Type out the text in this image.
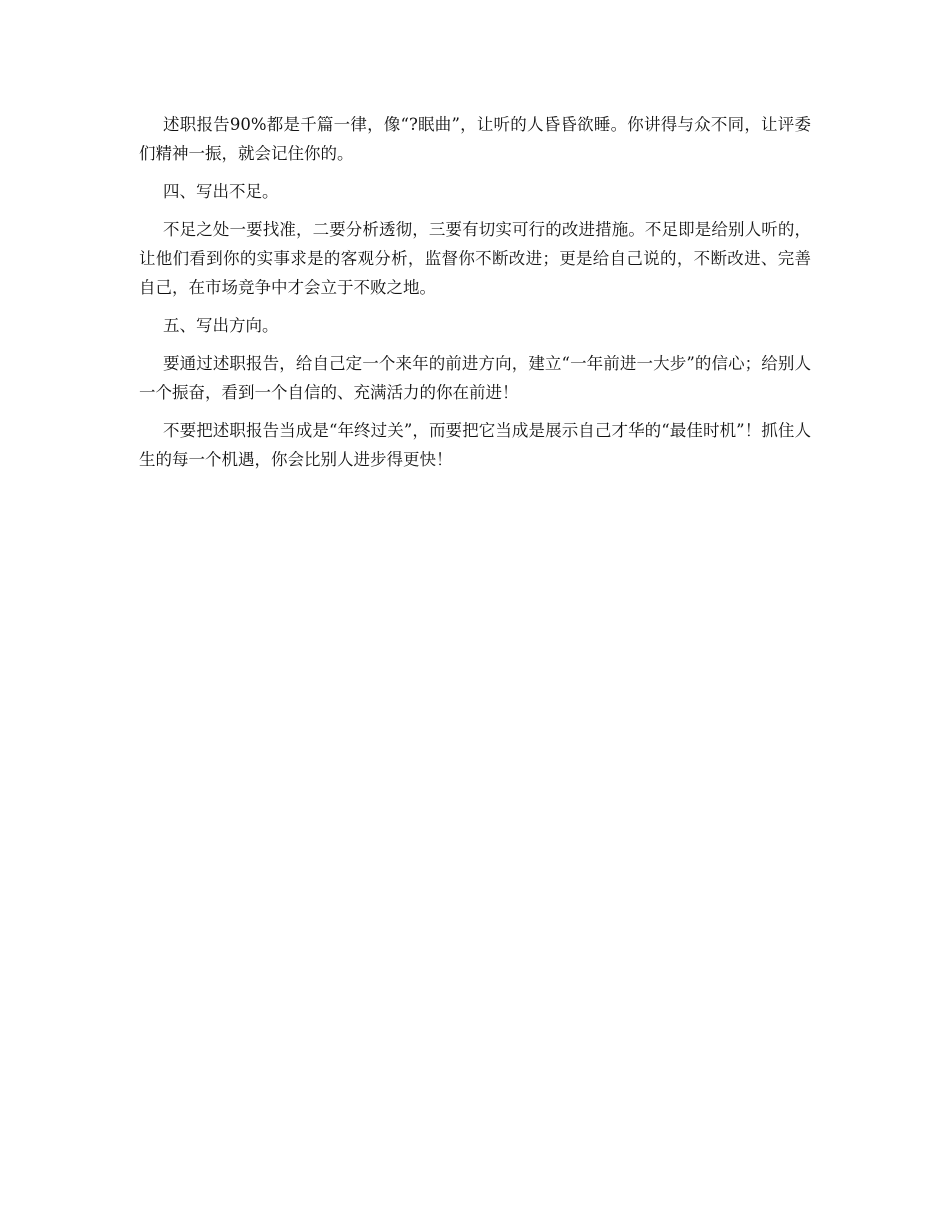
述职报告90%都是千篇一律，像“?眠曲”，让听的人昏昏欲睡。你讲得与众不同，让评委们精神一振，就会记住你的。

四、写出不足。

不足之处一要找准，二要分析透彻，三要有切实可行的改进措施。不足即是给别人听的，让他们看到你的实事求是的客观分析，监督你不断改进；更是给自己说的，不断改进、完善自己，在市场竞争中才会立于不败之地。

五、写出方向。

要通过述职报告，给自己定一个来年的前进方向，建立“一年前进一大步”的信心；给别人一个振奋，看到一个自信的、充满活力的你在前进！

不要把述职报告当成是“年终过关”，而要把它当成是展示自己才华的“最佳时机”！抓住人生的每一个机遇，你会比别人进步得更快！
